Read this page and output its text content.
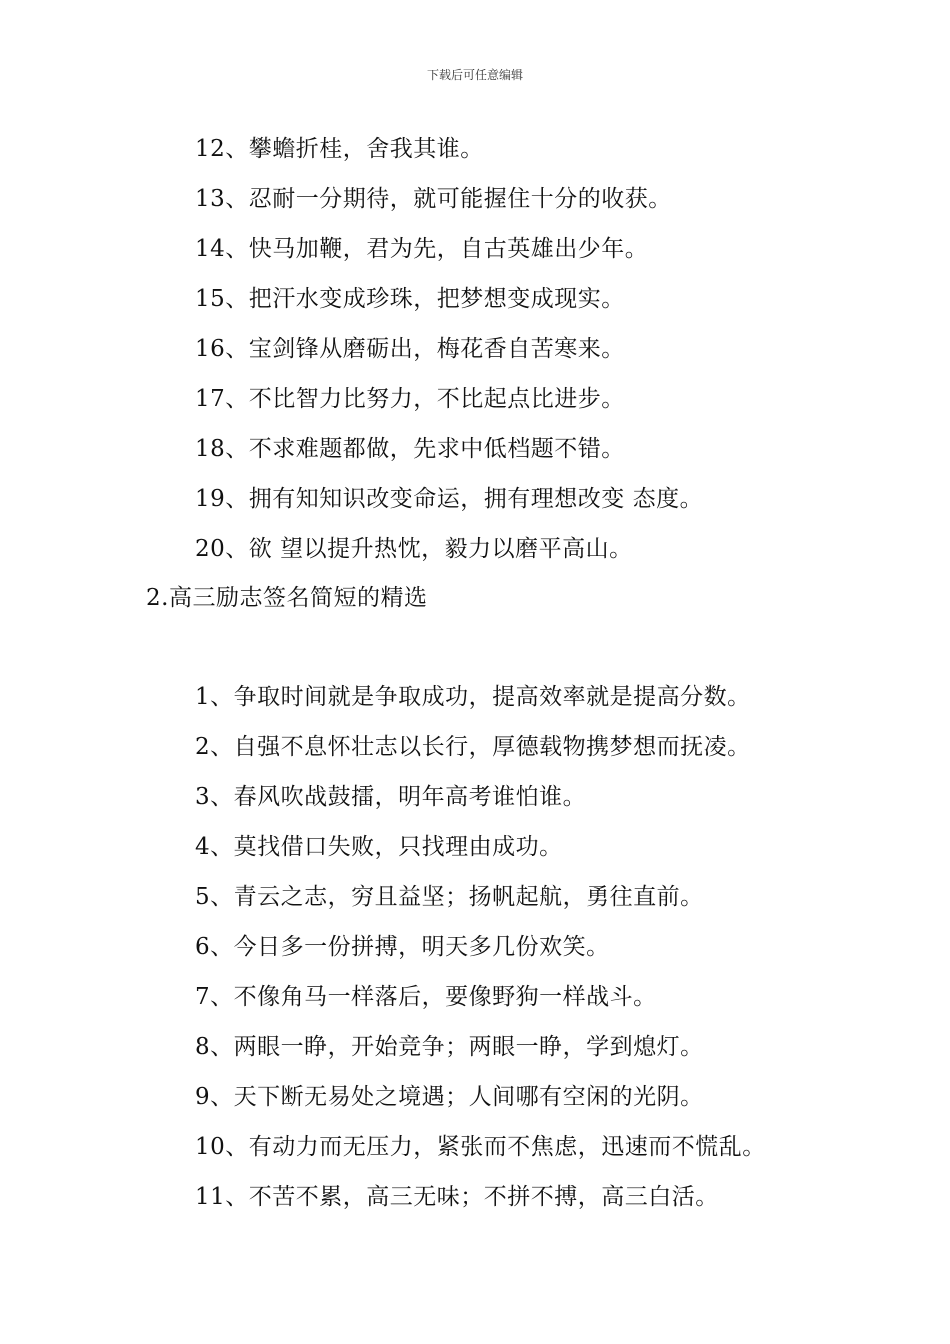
下载后可任意编辑
12、攀蟾折桂，舍我其谁。
13、忍耐一分期待，就可能握住十分的收获。
14、快马加鞭，君为先，自古英雄出少年。
15、把汗水变成珍珠，把梦想变成现实。
16、宝剑锋从磨砺出，梅花香自苦寒来。
17、不比智力比努力，不比起点比进步。
18、不求难题都做，先求中低档题不错。
19、拥有知知识改变命运，拥有理想改变 态度。
20、欲 望以提升热忱，毅力以磨平高山。
2.高三励志签名简短的精选
1、争取时间就是争取成功，提高效率就是提高分数。
2、自强不息怀壮志以长行，厚德载物携梦想而抚凌。
3、春风吹战鼓擂，明年高考谁怕谁。
4、莫找借口失败，只找理由成功。
5、青云之志，穷且益坚；扬帆起航，勇往直前。
6、今日多一份拼搏，明天多几份欢笑。
7、不像角马一样落后，要像野狗一样战斗。
8、两眼一睁，开始竞争；两眼一睁，学到熄灯。
9、天下断无易处之境遇；人间哪有空闲的光阴。
10、有动力而无压力，紧张而不焦虑，迅速而不慌乱。
11、不苦不累，高三无味；不拼不搏，高三白活。
